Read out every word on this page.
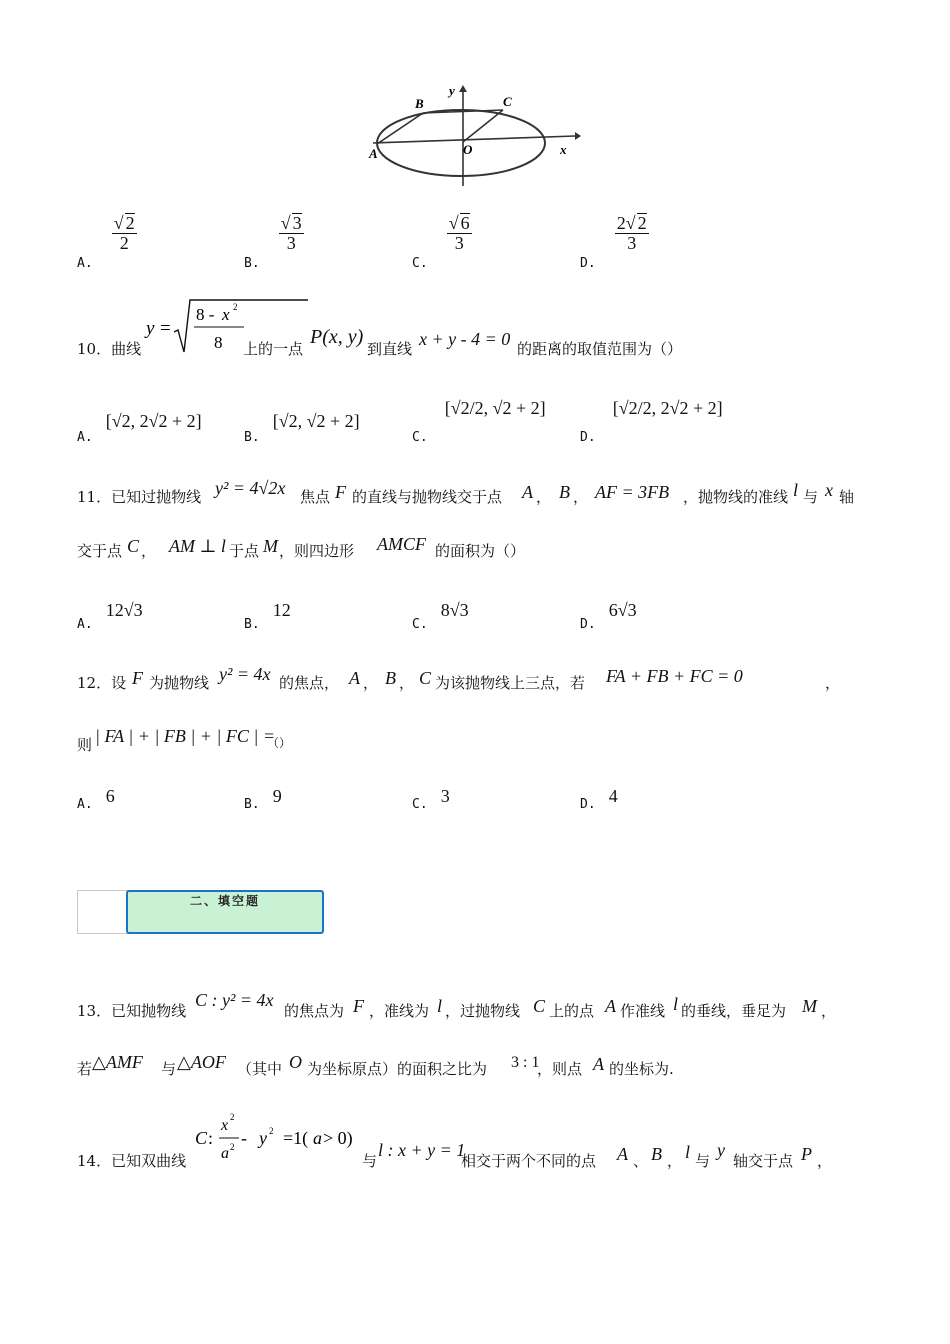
y
B	C
A	O	x
$_{A.}$
$\frac{√ 2}{2}$
$_{B.}$
$\frac{√ 3}{3}$
$_{C.}$
$\frac{√ 6}{3}$
$_{D.}$
$\frac{2√ 2}{3}$
10．曲线
y =
8 - x 2
8 上的一点
P(x, y)
到直线 x + y - 4 = 0 的距离的取值范围为（）
$_{A.}$ [√2, 2√2 + 2]
$_{B.}$ [√2, √2 + 2]
$_{C.}$ [√2/2, √2 + 2]
$_{D.}$ [√2/2, 2√2 + 2]
11．已知过抛物线 y² = 4√2x 焦点 F 的直线与抛物线交于点 A ， B ， AF = 3FB ，抛物线的准线 l 与 x 轴
交于点 C ， AM ⊥ l 于点 M ，则四边形 AMCF 的面积为（）
$_{A.}$ 12√3
$_{B.}$ 12
$_{C.}$ 8√3
$_{D.}$ 6√3
12．设 F 为抛物线 y² = 4x 的焦点， A ， B ， C 为该抛物线上三点，若 FA + FB + FC = 0	，
则 | FA | + | FB | + | FC | =
（）
$_{A.}$ 6	$_{B.}$ 9	$_{C.}$ 3	$_{D.}$ 4
二、填空题
13．已知抛物线
C : y² = 4x
的焦点为 F ，准线为 l ，过抛物线 C 上的点 A 作准线 l 的垂线，垂足为 M ，
若 △AMF 与 △AOF （其中 O 为坐标原点）的面积之比为 3 : 1
，则点 A 的坐标为.
14．已知双曲线
C :
x 2
a 2 - y 2 =1( a > 0)
与
l : x + y = 1
相交于两个不同的点 A 、 B ， l 与
y
轴交于点 P ，
